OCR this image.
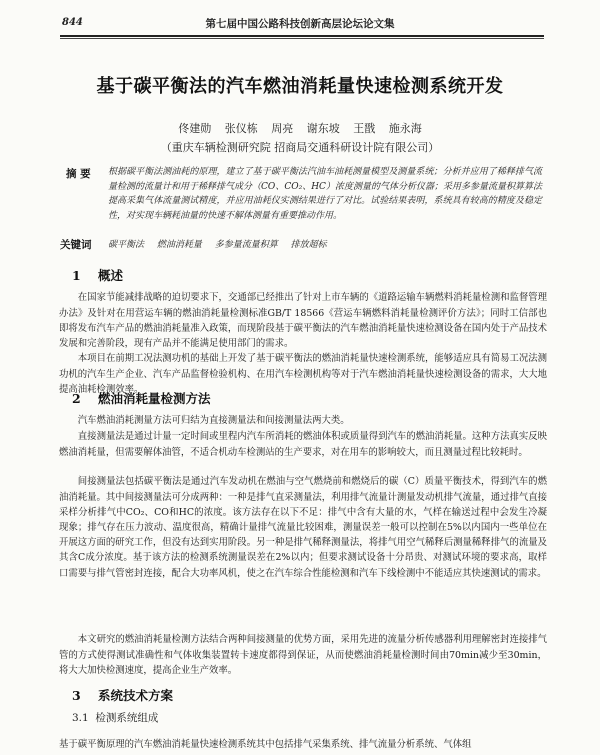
844	第七届中国公路科技创新高层论坛论文集
基于碳平衡法的汽车燃油消耗量快速检测系统开发
佟建勋 张仪栋 周亮 谢东坡 王戬 施永海
（重庆车辆检测研究院 招商局交通科研设计院有限公司）
摘 要 根据碳平衡法测油耗的原理，建立了基于碳平衡法汽油车油耗测量模型及测量系统；分析并应用了稀释排气流量检测的流量计和用于稀释排气成分（CO、CO₂、HC）浓度测量的气体分析仪器；采用多参量流量积算算法提高采集气体流量测试精度，并应用油耗仪实测结果进行了对比。试验结果表明，系统具有较高的精度及稳定性，对实现车辆耗油量的快速不解体测量有重要推动作用。
关键词 碳平衡法 燃油消耗量 多参量流量积算 排放超标
1 概述

在国家节能减排战略的迫切要求下，交通部已经推出了针对上市车辆的《道路运输车辆燃料消耗量检测和监督管理办法》及针对在用营运车辆的燃油消耗量检测标准GB/T 18566《营运车辆燃料消耗量检测评价方法》；同时工信部也即将发布汽车产品的燃油消耗量准入政策，而现阶段基于碳平衡法的汽车燃油消耗量快速检测设备在国内处于产品技术发展和完善阶段，现有产品并不能满足使用部门的需求。

本项目在前期工况法测功机的基础上开发了基于碳平衡法的燃油消耗量快速检测系统，能够适应具有简易工况法测功机的汽车生产企业、汽车产品监督检验机构、在用汽车检测机构等对于汽车燃油消耗量快速检测设备的需求，大大地提高油耗检测效率。

2 燃油消耗量检测方法

汽车燃油消耗测量方法可归结为直接测量法和间接测量法两大类。

直接测量法是通过计量一定时间或里程内汽车所消耗的燃油体积或质量得到汽车的燃油消耗量。这种方法真实反映燃油消耗量，但需要解体油管，不适合机动车检测站的生产要求，对在用车的影响较大，而且测量过程比较耗时。

间接测量法包括碳平衡法是通过汽车发动机在燃油与空气燃烧前和燃烧后的碳（C）质量平衡技术，得到汽车的燃油消耗量。其中间接测量法可分成两种：一种是排气直采测量法，利用排气流量计测量发动机排气流量，通过排气直接采样分析排气中CO₂、CO和HC的浓度。该方法存在以下不足：排气中含有大量的水，气样在输送过程中会发生冷凝现象；排气存在压力波动、温度很高，精确计量排气流量比较困难，测量误差一般可以控制在5%以内国内一些单位在开展这方面的研究工作，但没有达到实用阶段。另一种是排气稀释测量法，将排气用空气稀释后测量稀释排气的流量及其含C成分浓度。基于该方法的检测系统测量误差在2%以内；但要求测试设备十分昂贵、对测试环境的要求高，取样口需要与排气管密封连接，配合大功率风机，使之在汽车综合性能检测和汽车下线检测中不能适应其快速测试的需求。

本文研究的燃油消耗量检测方法结合两种间接测量的优势方面，采用先进的流量分析传感器利用理解密封连接排气管的方式使得测试准确性和气体收集装置转卡速度都得到保证，从而使燃油消耗量检测时间由70min减少至30min，将大大加快检测速度，提高企业生产效率。

3 系统技术方案
3.1 检测系统组成

基于碳平衡原理的汽车燃油消耗量快速检测系统其中包括排气采集系统、排气流量分析系统、气体组
